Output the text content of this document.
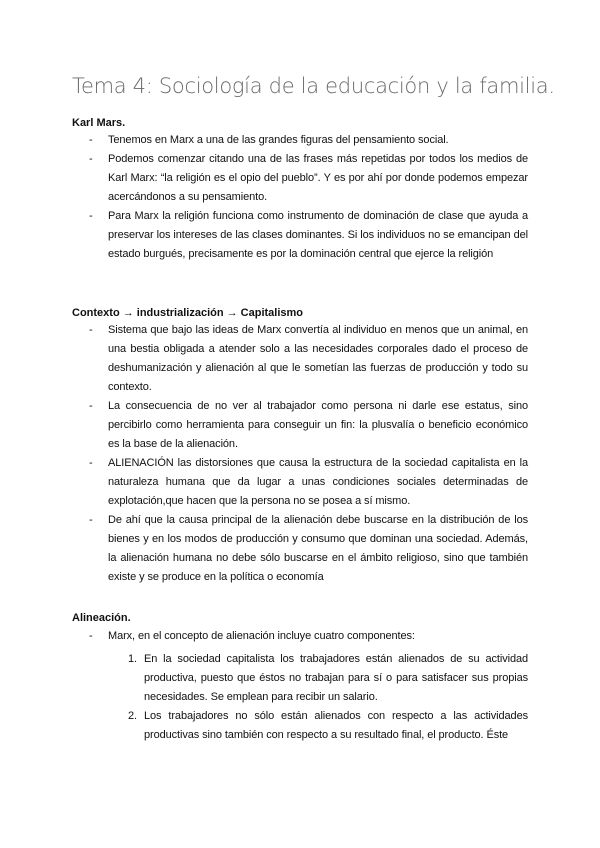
Tema 4: Sociología de la educación y la familia.
Karl Mars.
- Tenemos en Marx a una de las grandes figuras del pensamiento social.
- Podemos comenzar citando una de las frases más repetidas por todos los medios de Karl Marx: “la religión es el opio del pueblo”. Y es por ahí por donde podemos empezar acercándonos a su pensamiento.
- Para Marx la religión funciona como instrumento de dominación de clase que ayuda a preservar los intereses de las clases dominantes. Si los individuos no se emancipan del estado burgués, precisamente es por la dominación central que ejerce la religión
Contexto → industrialización → Capitalismo
- Sistema que bajo las ideas de Marx convertía al individuo en menos que un animal, en una bestia obligada a atender solo a las necesidades corporales dado el proceso de deshumanización y alienación al que le sometían las fuerzas de producción y todo su contexto.
- La consecuencia de no ver al trabajador como persona ni darle ese estatus, sino percibirlo como herramienta para conseguir un fin: la plusvalía o beneficio económico es la base de la alienación.
- ALIENACIÓN las distorsiones que causa la estructura de la sociedad capitalista en la naturaleza humana que da lugar a unas condiciones sociales determinadas de explotación,que hacen que la persona no se posea a sí mismo.
- De ahí que la causa principal de la alienación debe buscarse en la distribución de los bienes y en los modos de producción y consumo que dominan una sociedad. Además, la alienación humana no debe sólo buscarse en el ámbito religioso, sino que también existe y se produce en la política o economía
Alineación.
- Marx, en el concepto de alienación incluye cuatro componentes:
1. En la sociedad capitalista los trabajadores están alienados de su actividad productiva, puesto que éstos no trabajan para sí o para satisfacer sus propias necesidades. Se emplean para recibir un salario.
2. Los trabajadores no sólo están alienados con respecto a las actividades productivas sino también con respecto a su resultado final, el producto. Éste
